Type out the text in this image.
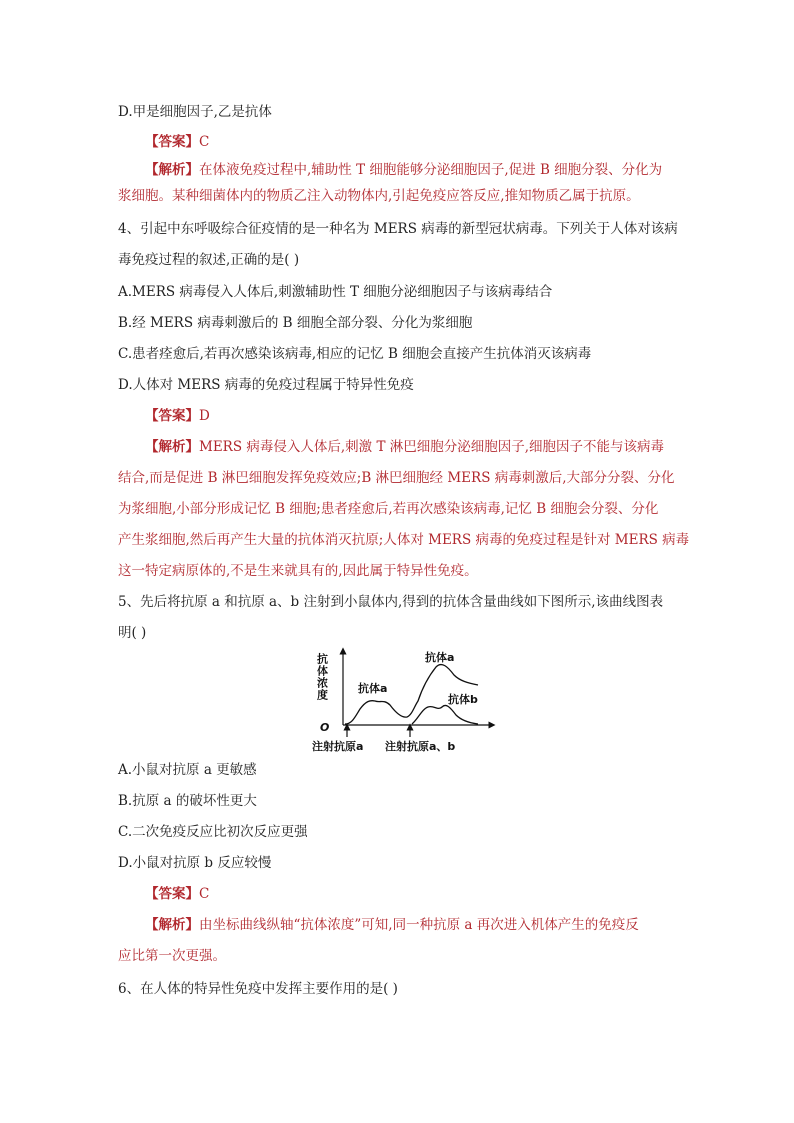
D.甲是细胞因子,乙是抗体
【答案】C
【解析】在体液免疫过程中,辅助性 T 细胞能够分泌细胞因子,促进 B 细胞分裂、分化为
浆细胞。某种细菌体内的物质乙注入动物体内,引起免疫应答反应,推知物质乙属于抗原。
4、引起中东呼吸综合征疫情的是一种名为 MERS 病毒的新型冠状病毒。下列关于人体对该病
毒免疫过程的叙述,正确的是( )
A.MERS 病毒侵入人体后,刺激辅助性 T 细胞分泌细胞因子与该病毒结合
B.经 MERS 病毒刺激后的 B 细胞全部分裂、分化为浆细胞
C.患者痊愈后,若再次感染该病毒,相应的记忆 B 细胞会直接产生抗体消灭该病毒
D.人体对 MERS 病毒的免疫过程属于特异性免疫
【答案】D
【解析】MERS 病毒侵入人体后,刺激 T 淋巴细胞分泌细胞因子,细胞因子不能与该病毒
结合,而是促进 B 淋巴细胞发挥免疫效应;B 淋巴细胞经 MERS 病毒刺激后,大部分分裂、分化
为浆细胞,小部分形成记忆 B 细胞;患者痊愈后,若再次感染该病毒,记忆 B 细胞会分裂、分化
产生浆细胞,然后再产生大量的抗体消灭抗原;人体对 MERS 病毒的免疫过程是针对 MERS 病毒
这一特定病原体的,不是生来就具有的,因此属于特异性免疫。
5、先后将抗原 a 和抗原 a、b 注射到小鼠体内,得到的抗体含量曲线如下图所示,该曲线图表
明( )
抗体浓度
O
抗体a
抗体a
抗体b
注射抗原a 注射抗原a、b
A.小鼠对抗原 a 更敏感
B.抗原 a 的破坏性更大
C.二次免疫反应比初次反应更强
D.小鼠对抗原 b 反应较慢
【答案】C
【解析】由坐标曲线纵轴“抗体浓度”可知,同一种抗原 a 再次进入机体产生的免疫反
应比第一次更强。
6、在人体的特异性免疫中发挥主要作用的是( )
